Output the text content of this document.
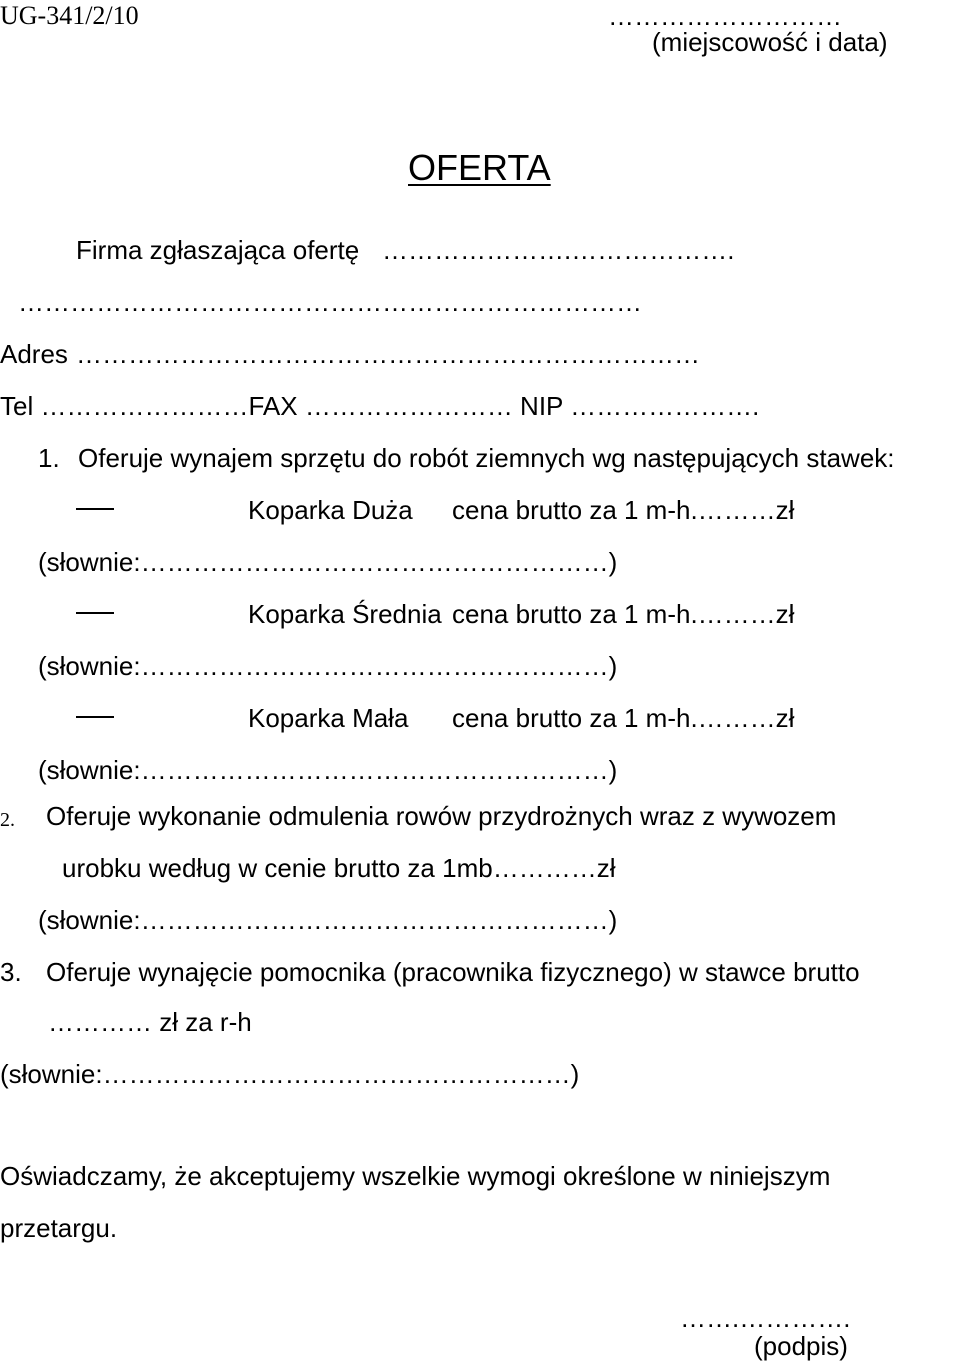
UG-341/2/10	………………………
(miejscowość i data)
OFERTA
Firma zgłaszająca ofertę ………………….……………….
………………………………………………………………
Adres ………………………………………………………………
Tel ……………………FAX …………………… NIP ………………….
1. Oferuje wynajem sprzętu do robót ziemnych wg następujących stawek:
Koparka Duża cena brutto za 1 m-h.………zł
(słownie:………………………………………………)
Koparka Średnia cena brutto za 1 m-h.………zł
(słownie:………………………………………………)
Koparka Mała cena brutto za 1 m-h.………zł
(słownie:………………………………………………)
2. Oferuje wykonanie odmulenia rowów przydrożnych wraz z wywozem
urobku według w cenie brutto za 1mb…………zł
(słownie:………………………………………………)
3. Oferuje wynajęcie pomocnika (pracownika fizycznego) w stawce brutto
………… zł za r-h
(słownie:………………………………………………)
Oświadczamy, że akceptujemy wszelkie wymogi określone w niniejszym
przetargu.
…….………….
(podpis)
